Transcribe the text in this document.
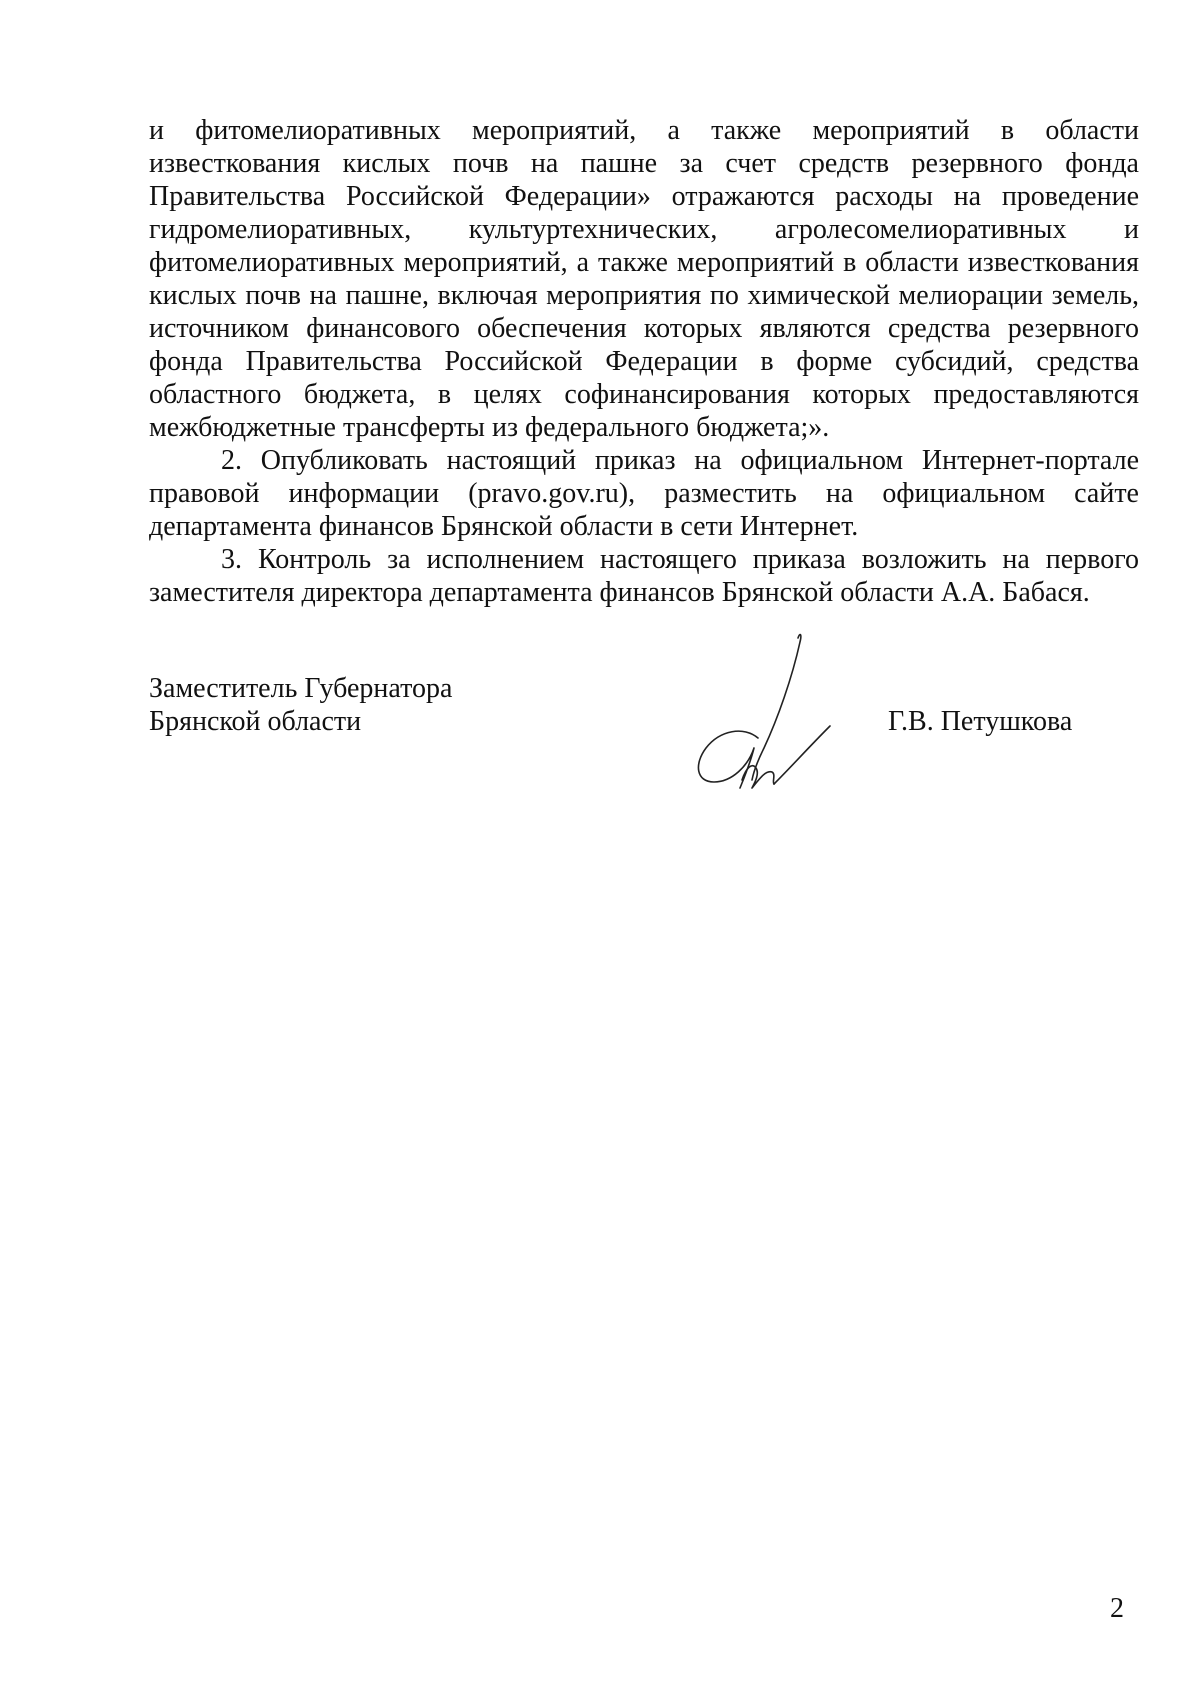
и фитомелиоративных мероприятий, а также мероприятий в области известкования кислых почв на пашне за счет средств резервного фонда Правительства Российской Федерации» отражаются расходы на проведение гидромелиоративных, культуртехнических, агролесомелиоративных и фитомелиоративных мероприятий, а также мероприятий в области известкования кислых почв на пашне, включая мероприятия по химической мелиорации земель, источником финансового обеспечения которых являются средства резервного фонда Правительства Российской Федерации в форме субсидий, средства областного бюджета, в целях софинансирования которых предоставляются межбюджетные трансферты из федерального бюджета;».

2. Опубликовать настоящий приказ на официальном Интернет-портале правовой информации (pravo.gov.ru), разместить на официальном сайте департамента финансов Брянской области в сети Интернет.

3. Контроль за исполнением настоящего приказа возложить на первого заместителя директора департамента финансов Брянской области А.А. Бабася.

Заместитель Губернатора
Брянской области	Г.В. Петушкова
2
